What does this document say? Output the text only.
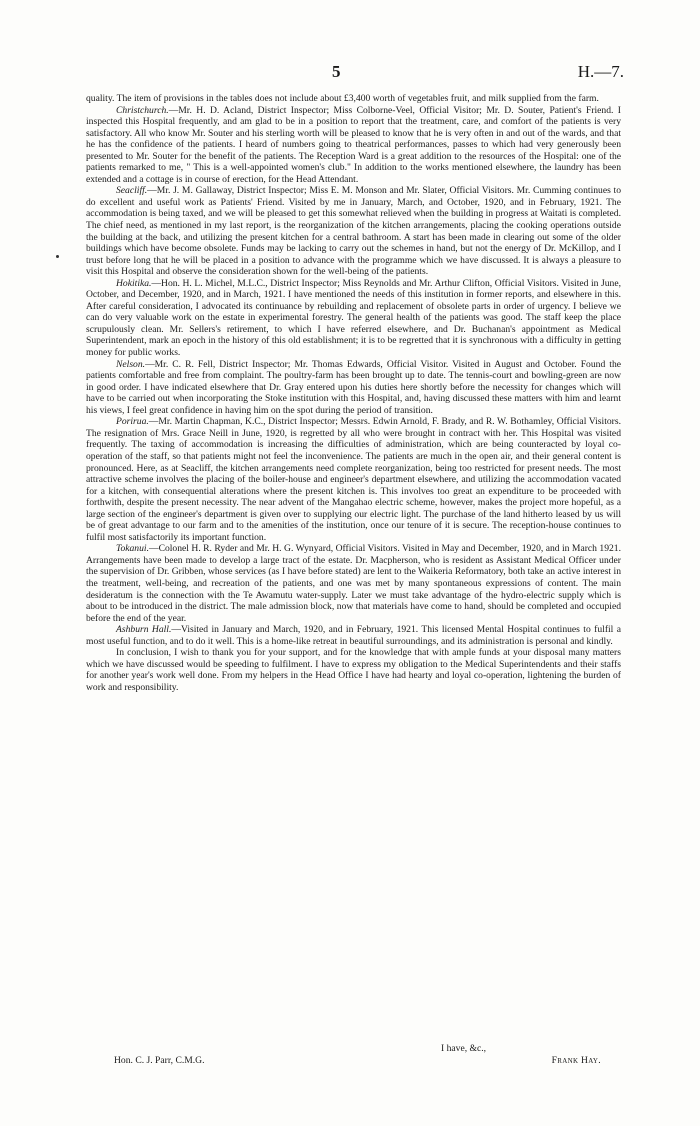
5	H.—7.

quality. The item of provisions in the tables does not include about £3,400 worth of vegetables fruit, and milk supplied from the farm.

Christchurch.—Mr. H. D. Acland, District Inspector; Miss Colborne-Veel, Official Visitor; Mr. D. Souter, Patient's Friend. I inspected this Hospital frequently, and am glad to be in a position to report that the treatment, care, and comfort of the patients is very satisfactory. All who know Mr. Souter and his sterling worth will be pleased to know that he is very often in and out of the wards, and that he has the confidence of the patients. I heard of numbers going to theatrical performances, passes to which had very generously been presented to Mr. Souter for the benefit of the patients. The Reception Ward is a great addition to the resources of the Hospital: one of the patients remarked to me, " This is a well-appointed women's club." In addition to the works mentioned elsewhere, the laundry has been extended and a cottage is in course of erection, for the Head Attendant.

Seacliff.—Mr. J. M. Gallaway, District Inspector; Miss E. M. Monson and Mr. Slater, Official Visitors. Mr. Cumming continues to do excellent and useful work as Patients' Friend. Visited by me in January, March, and October, 1920, and in February, 1921. The accommodation is being taxed, and we will be pleased to get this somewhat relieved when the building in progress at Waitati is completed. The chief need, as mentioned in my last report, is the reorganization of the kitchen arrangements, placing the cooking operations outside the building at the back, and utilizing the present kitchen for a central bathroom. A start has been made in clearing out some of the older buildings which have become obsolete. Funds may be lacking to carry out the schemes in hand, but not the energy of Dr. McKillop, and I trust before long that he will be placed in a position to advance with the programme which we have discussed. It is always a pleasure to visit this Hospital and observe the consideration shown for the well-being of the patients.

Hokitika.—Hon. H. L. Michel, M.L.C., District Inspector; Miss Reynolds and Mr. Arthur Clifton, Official Visitors. Visited in June, October, and December, 1920, and in March, 1921. I have mentioned the needs of this institution in former reports, and elsewhere in this. After careful consideration, I advocated its continuance by rebuilding and replacement of obsolete parts in order of urgency. I believe we can do very valuable work on the estate in experimental forestry. The general health of the patients was good. The staff keep the place scrupulously clean. Mr. Sellers's retirement, to which I have referred elsewhere, and Dr. Buchanan's appointment as Medical Superintendent, mark an epoch in the history of this old establishment; it is to be regretted that it is synchronous with a difficulty in getting money for public works.

Nelson.—Mr. C. R. Fell, District Inspector; Mr. Thomas Edwards, Official Visitor. Visited in August and October. Found the patients comfortable and free from complaint. The poultry-farm has been brought up to date. The tennis-court and bowling-green are now in good order. I have indicated elsewhere that Dr. Gray entered upon his duties here shortly before the necessity for changes which will have to be carried out when incorporating the Stoke institution with this Hospital, and, having discussed these matters with him and learnt his views, I feel great confidence in having him on the spot during the period of transition.

Porirua.—Mr. Martin Chapman, K.C., District Inspector; Messrs. Edwin Arnold, F. Brady, and R. W. Bothamley, Official Visitors. The resignation of Mrs. Grace Neill in June, 1920, is regretted by all who were brought in contract with her. This Hospital was visited frequently. The taxing of accommodation is increasing the difficulties of administration, which are being counteracted by loyal co-operation of the staff, so that patients might not feel the inconvenience. The patients are much in the open air, and their general content is pronounced. Here, as at Seacliff, the kitchen arrangements need complete reorganization, being too restricted for present needs. The most attractive scheme involves the placing of the boiler-house and engineer's department elsewhere, and utilizing the accommodation vacated for a kitchen, with consequential alterations where the present kitchen is. This involves too great an expenditure to be proceeded with forthwith, despite the present necessity. The near advent of the Mangahao electric scheme, however, makes the project more hopeful, as a large section of the engineer's department is given over to supplying our electric light. The purchase of the land hitherto leased by us will be of great advantage to our farm and to the amenities of the institution, once our tenure of it is secure. The reception-house continues to fulfil most satisfactorily its important function.

Tokanui.—Colonel H. R. Ryder and Mr. H. G. Wynyard, Official Visitors. Visited in May and December, 1920, and in March 1921. Arrangements have been made to develop a large tract of the estate. Dr. Macpherson, who is resident as Assistant Medical Officer under the supervision of Dr. Gribben, whose services (as I have before stated) are lent to the Waikeria Reformatory, both take an active interest in the treatment, well-being, and recreation of the patients, and one was met by many spontaneous expressions of content. The main desideratum is the connection with the Te Awamutu water-supply. Later we must take advantage of the hydro-electric supply which is about to be introduced in the district. The male admission block, now that materials have come to hand, should be completed and occupied before the end of the year.

Ashburn Hall.—Visited in January and March, 1920, and in February, 1921. This licensed Mental Hospital continues to fulfil a most useful function, and to do it well. This is a home-like retreat in beautiful surroundings, and its administration is personal and kindly.

In conclusion, I wish to thank you for your support, and for the knowledge that with ample funds at your disposal many matters which we have discussed would be speeding to fulfilment. I have to express my obligation to the Medical Superintendents and their staffs for another year's work well done. From my helpers in the Head Office I have had hearty and loyal co-operation, lightening the burden of work and responsibility.

I have, &c.,
Hon. C. J. Parr, C.M.G.	Frank Hay.
